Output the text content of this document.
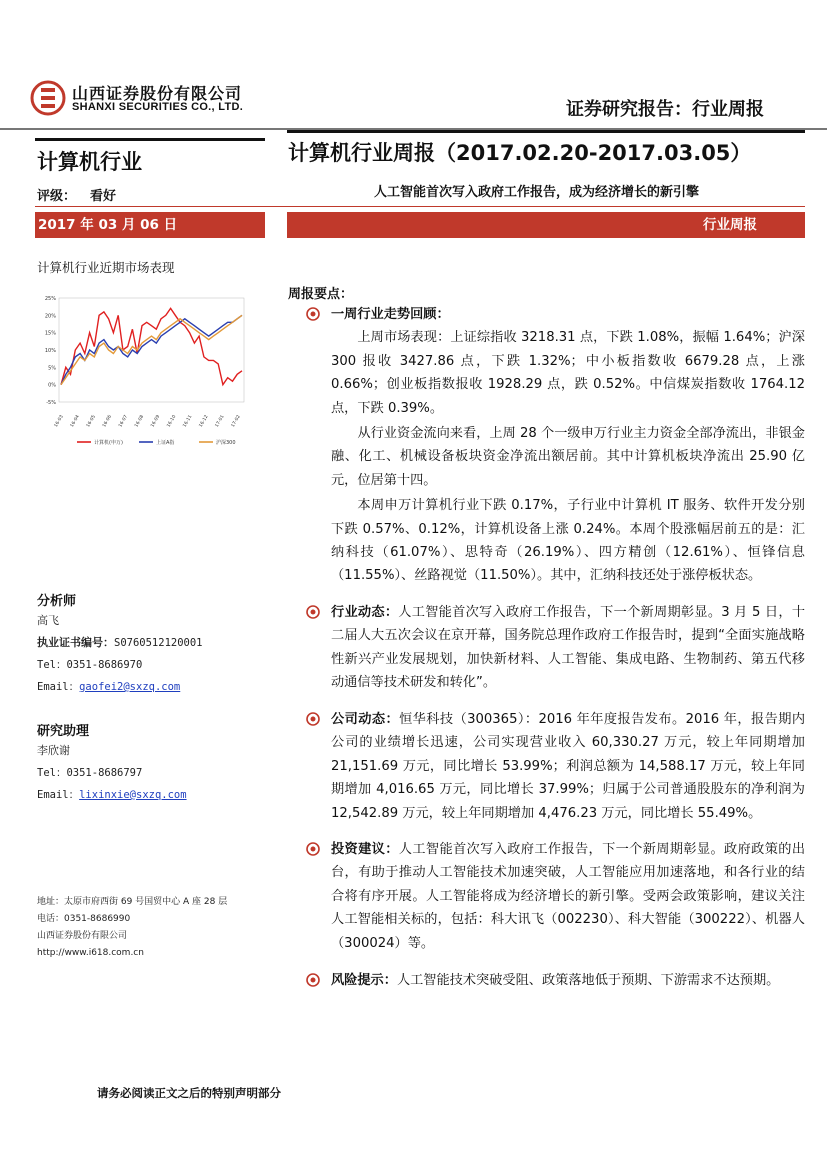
山西证券股份有限公司
SHANXI SECURITIES CO., LTD.	证券研究报告：行业周报
计算机行业
评级： 看好
计算机行业周报（2017.02.20-2017.03.05）
人工智能首次写入政府工作报告，成为经济增长的新引擎
2017 年 03 月 06 日	行业周报
计算机行业近期市场表现
25%
20%
15%
10%
5%
0%
-5%
16-03 16-04 16-05 16-06 16-07 16-08 16-09 16-10 16-11 16-12 17-01 17-02
计算机(申万)	上证A指	沪深300
分析师
高飞
执业证书编号：S0760512120001
Tel：0351-8686970
Email：gaofei2@sxzq.com
研究助理
李欣谢
Tel：0351-8686797
Email：lixinxie@sxzq.com
地址：太原市府西街 69 号国贸中心 A 座 28 层
电话：0351-8686990
山西证券股份有限公司
http://www.i618.com.cn
周报要点：
一周行业走势回顾：
上周市场表现：上证综指收 3218.31 点，下跌 1.08%，振幅 1.64%；沪深 300 报收 3427.86 点，下跌 1.32%；中小板指数收 6679.28 点，上涨 0.66%；创业板指数报收 1928.29 点，跌 0.52%。中信煤炭指数收 1764.12 点，下跌 0.39%。
从行业资金流向来看，上周 28 个一级申万行业主力资金全部净流出，非银金融、化工、机械设备板块资金净流出额居前。其中计算机板块净流出 25.90 亿元，位居第十四。
本周申万计算机行业下跌 0.17%，子行业中计算机 IT 服务、软件开发分别下跌 0.57%、0.12%，计算机设备上涨 0.24%。本周个股涨幅居前五的是：汇纳科技（61.07%）、思特奇（26.19%）、四方精创（12.61%）、恒锋信息（11.55%）、丝路视觉（11.50%）。其中，汇纳科技还处于涨停板状态。
行业动态：人工智能首次写入政府工作报告，下一个新周期彰显。3 月 5 日，十二届人大五次会议在京开幕，国务院总理作政府工作报告时，提到“全面实施战略性新兴产业发展规划，加快新材料、人工智能、集成电路、生物制药、第五代移动通信等技术研发和转化”。
公司动态：恒华科技（300365）：2016 年年度报告发布。2016 年，报告期内公司的业绩增长迅速，公司实现营业收入 60,330.27 万元，较上年同期增加 21,151.69 万元，同比增长 53.99%；利润总额为 14,588.17 万元，较上年同期增加 4,016.65 万元，同比增长 37.99%；归属于公司普通股股东的净利润为 12,542.89 万元，较上年同期增加 4,476.23 万元，同比增长 55.49%。
投资建议：人工智能首次写入政府工作报告，下一个新周期彰显。政府政策的出台，有助于推动人工智能技术加速突破，人工智能应用加速落地，和各行业的结合将有序开展。人工智能将成为经济增长的新引擎。受两会政策影响，建议关注人工智能相关标的，包括：科大讯飞（002230）、科大智能（300222）、机器人（300024）等。
风险提示：人工智能技术突破受阻、政策落地低于预期、下游需求不达预期。
请务必阅读正文之后的特别声明部分
